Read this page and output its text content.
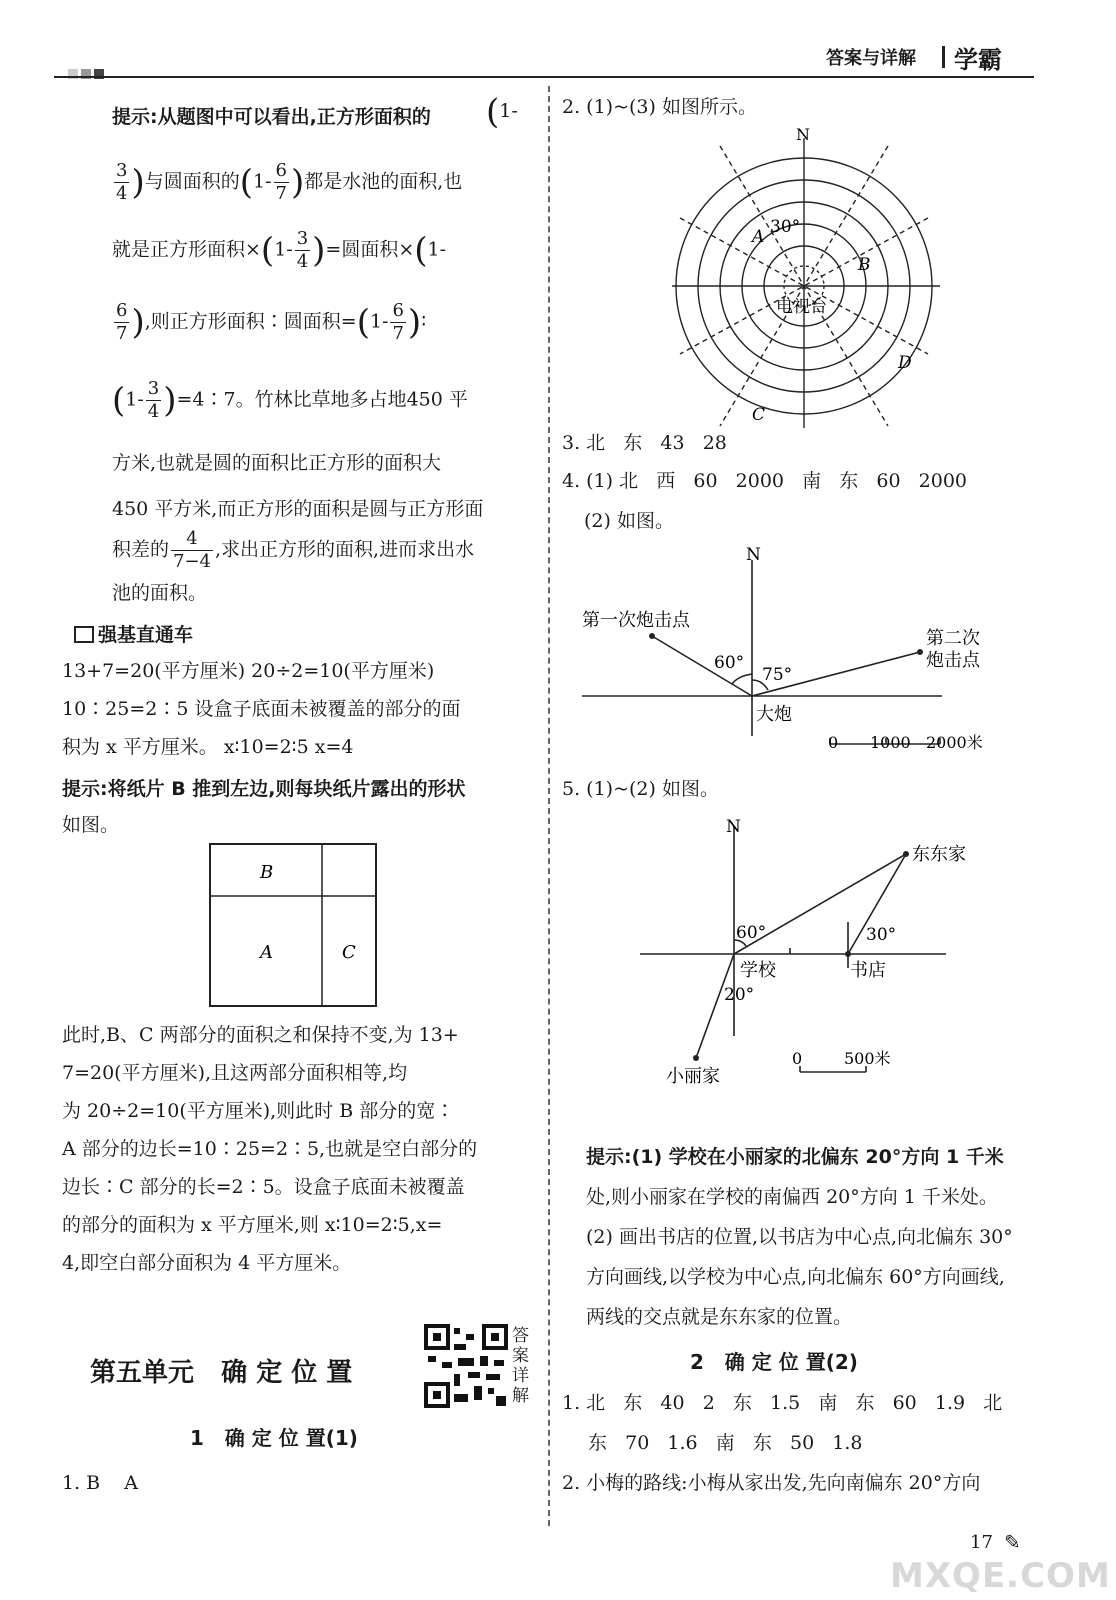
答案与详解 学霸
提示:从题图中可以看出,正方形面积的 (1-
$\frac{3}{4}$ )与圆面积的($1- \frac{6}{7}$ )都是水池的面积,也
就是正方形面积$\times(1- \frac{3}{4}$ )=圆面积×(1-
$\frac{6}{7}$ ),则正方形面积∶圆面积$=(1- \frac{6}{7}$ )∶
($1- \frac{3}{4}$ )=4∶7。竹林比草地多占地450 平
方米,也就是圆的面积比正方形的面积大
450 平方米,而正方形的面积是圆与正方形面
积差的 $\frac{4}{7-4}$ ,求出正方形的面积,进而求出水
池的面积。
强基直通车
13+7=20(平方厘米) 20÷2=10(平方厘米)
10∶25=2∶5 设盒子底面未被覆盖的部分的面
积为 x 平方厘米。 x∶10=2∶5 x=4
提示:将纸片 B 推到左边,则每块纸片露出的形状
如图。
B
A	C
此时,B、C 两部分的面积之和保持不变,为 13+
7=20(平方厘米),且这两部分面积相等,均
为 20÷2=10(平方厘米),则此时 B 部分的宽∶
A 部分的边长=10∶25=2∶5,也就是空白部分的
边长∶C 部分的长=2∶5。设盒子底面未被覆盖
的部分的面积为 x 平方厘米,则 x∶10=2∶5,x=
4,即空白部分面积为 4 平方厘米。
第五单元   确 定 位 置
答案详解
1   确 定 位 置(1)
1. B    A
2. (1)~(3) 如图所示。
N
30°
A
B
C
D
电视台
3. 北   东   43   28
4. (1) 北   西   60   2000   南   东   60   2000
(2) 如图。
N
第一次炮击点
第二次
炮击点
60°
75°
大炮
0 1000 2000米
5. (1)~(2) 如图。
N
东东家
60°	30°
学校	书店
20°
小丽家
0	500米
提示:(1) 学校在小丽家的北偏东 20°方向 1 千米
处,则小丽家在学校的南偏西 20°方向 1 千米处。
(2) 画出书店的位置,以书店为中心点,向北偏东 30°
方向画线,以学校为中心点,向北偏东 60°方向画线,
两线的交点就是东东家的位置。
2   确 定 位 置(2)
1. 北   东   40   2   东   1.5   南   东   60   1.9   北
东   70   1.6   南   东   50   1.8
2. 小梅的路线:小梅从家出发,先向南偏东 20°方向
17 ✎
MXQE.COM
